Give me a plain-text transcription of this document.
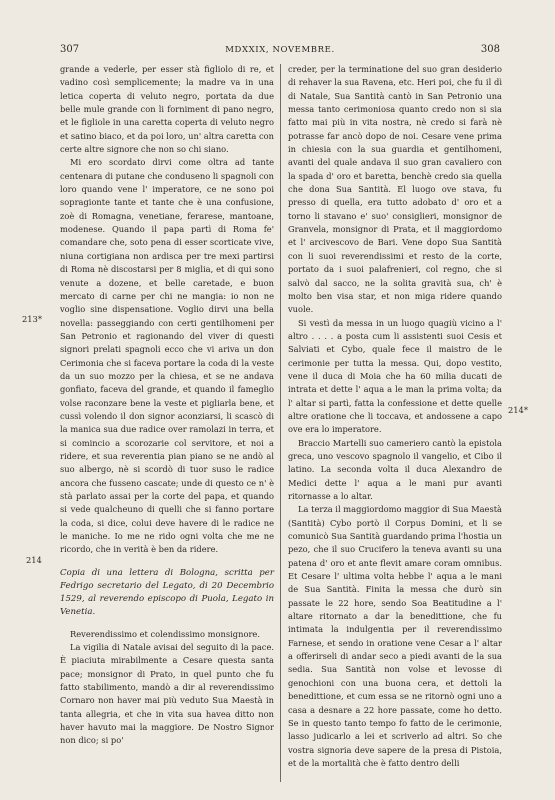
307	MDXXIX, NOVEMBRE.	308
213*
214
214*

grande a vederle, per esser stà figliolo di re, et vadino così semplicemente; la madre va in una letica coperta di veluto negro, portata da due belle mule grande con li forniment di pano negro, et le figliole in una caretta coperta di veluto negro et satino biaco, et da poi loro, un' altra caretta con certe altre signore che non so chi siano.

Mi ero scordato dirvi come oltra ad tante centenara di putane che conduseno li spagnoli con loro quando vene l' imperatore, ce ne sono poi sopragionte tante et tante che è una confusione, zoè di Romagna, venetiane, ferarese, mantoane, modenese. Quando il papa partì di Roma fe' comandare che, soto pena di esser scorticate vive, niuna cortigiana non ardisca per tre mexi partirsi di Roma nè discostarsi per 8 miglia, et di qui sono venute a dozene, et belle caretade, e buon mercato di carne per chi ne mangia: io non ne voglio sine dispensatione. Voglio dirvi una bella novella: passeggiando con certi gentilhomeni per San Petronio et ragionando del viver di questi signori prelati spagnoli ecco che vi ariva un don Cerimonia che si faceva portare la coda di la veste da un suo mozzo per la chiesa, et se ne andava gonfiato, faceva del grande, et quando il fameglio volse raconzare bene la veste et pigliarla bene, et cussì volendo il don signor aconziarsi, li scascò di la manica sua due radice over ramolazi in terra, et si comincio a scorozarie col servitore, et noi a ridere, et sua reverentia pian piano se ne andò al suo albergo, nè si scordò di tuor suso le radice ancora che fusseno cascate; unde di questo ce n' è stà parlato assai per la corte del papa, et quando si vede qualcheuno di quelli che si fanno portare la coda, si dice, colui deve havere di le radice ne le maniche. Io me ne rido ogni volta che me ne ricordo, che in verità è ben da ridere.

Copia di una lettera di Bologna, scritta per Fedrigo secretario del Legato, di 20 Decembrio 1529, al reverendo episcopo di Puola, Legato in Venetia.

Reverendissimo et colendissimo monsignore.

La vigilia di Natale avisai del seguito di la pace. È piaciuta mirabilmente a Cesare questa santa pace; monsignor di Prato, in quel punto che fu fatto stabilimento, mandò a dir al reverendissimo Cornaro non haver mai più veduto Sua Maestà in tanta allegria, et che in vita sua havea ditto non haver havuto mai la maggiore. De Nostro Signor non dico; si po'

creder, per la terminatione del suo gran desiderio di rehaver la sua Ravena, etc. Heri poi, che fu il dì di Natale, Sua Santità cantò in San Petronio una messa tanto cerimoniosa quanto credo non si sia fatto mai più in vita nostra, nè credo si farà nè potrasse far ancò dopo de noi. Cesare vene prima in chiesia con la sua guardia et gentilhomeni, avanti del quale andava il suo gran cavaliero con la spada d' oro et baretta, benchè credo sia quella che dona Sua Santità. El luogo ove stava, fu presso di quella, era tutto adobato d' oro et a torno li stavano e' suo' consiglieri, monsignor de Granvela, monsignor di Prata, et il maggiordomo et l' arcivescovo de Bari. Vene dopo Sua Santità con li suoi reverendissimi et resto de la corte, portato da i suoi palafrenieri, col regno, che si salvò dal sacco, ne la solita gravità sua, ch' è molto ben visa star, et non miga ridere quando vuole.

Si vestì da messa in un luogo quagiù vicino a l' altro . . . . a posta cum li assistenti suoi Cesis et Salviati et Cybo, quale fece il maistro de le cerimonie per tutta la messa. Qui, dopo vestito, vene il duca di Moia che ha 60 milia ducati de intrata et dette l' aqua a le man la prima volta; da l' altar si partì, fatta la confessione et dette quelle altre oratione che li toccava, et andossene a capo ove era lo imperatore.

Braccio Martelli suo cameriero cantò la epistola greca, uno vescovo spagnolo il vangelio, et Cibo il latino. La seconda volta il duca Alexandro de Medici dette l' aqua a le mani pur avanti ritornasse a lo altar.

La terza il maggiordomo maggior di Sua Maestà (Santità) Cybo portò il Corpus Domini, et li se comunicò Sua Santità guardando prima l'hostia un pezo, che il suo Crucifero la teneva avanti su una patena d' oro et ante flevit amare coram omnibus. Et Cesare l' ultima volta hebbe l' aqua a le mani de Sua Santità. Finita la messa che durò sin passate le 22 hore, sendo Soa Beatitudine a l' altare ritornato a dar la benedittione, che fu intimata la indulgentia per il reverendissimo Farnese, et sendo in oratione vene Cesar a l' altar a offerirseli di andar seco a piedi avanti de la sua sedia. Sua Santità non volse et levosse di genochioni con una buona cera, et dettoli la benedittione, et cum essa se ne ritornò ogni uno a casa a desnare a 22 hore passate, come ho detto. Se in questo tanto tempo fo fatto de le cerimonie, lasso judicarlo a lei et scriverlo ad altri. So che vostra signoria deve sapere de la presa di Pistoia, et de la mortalità che è fatto dentro delli
